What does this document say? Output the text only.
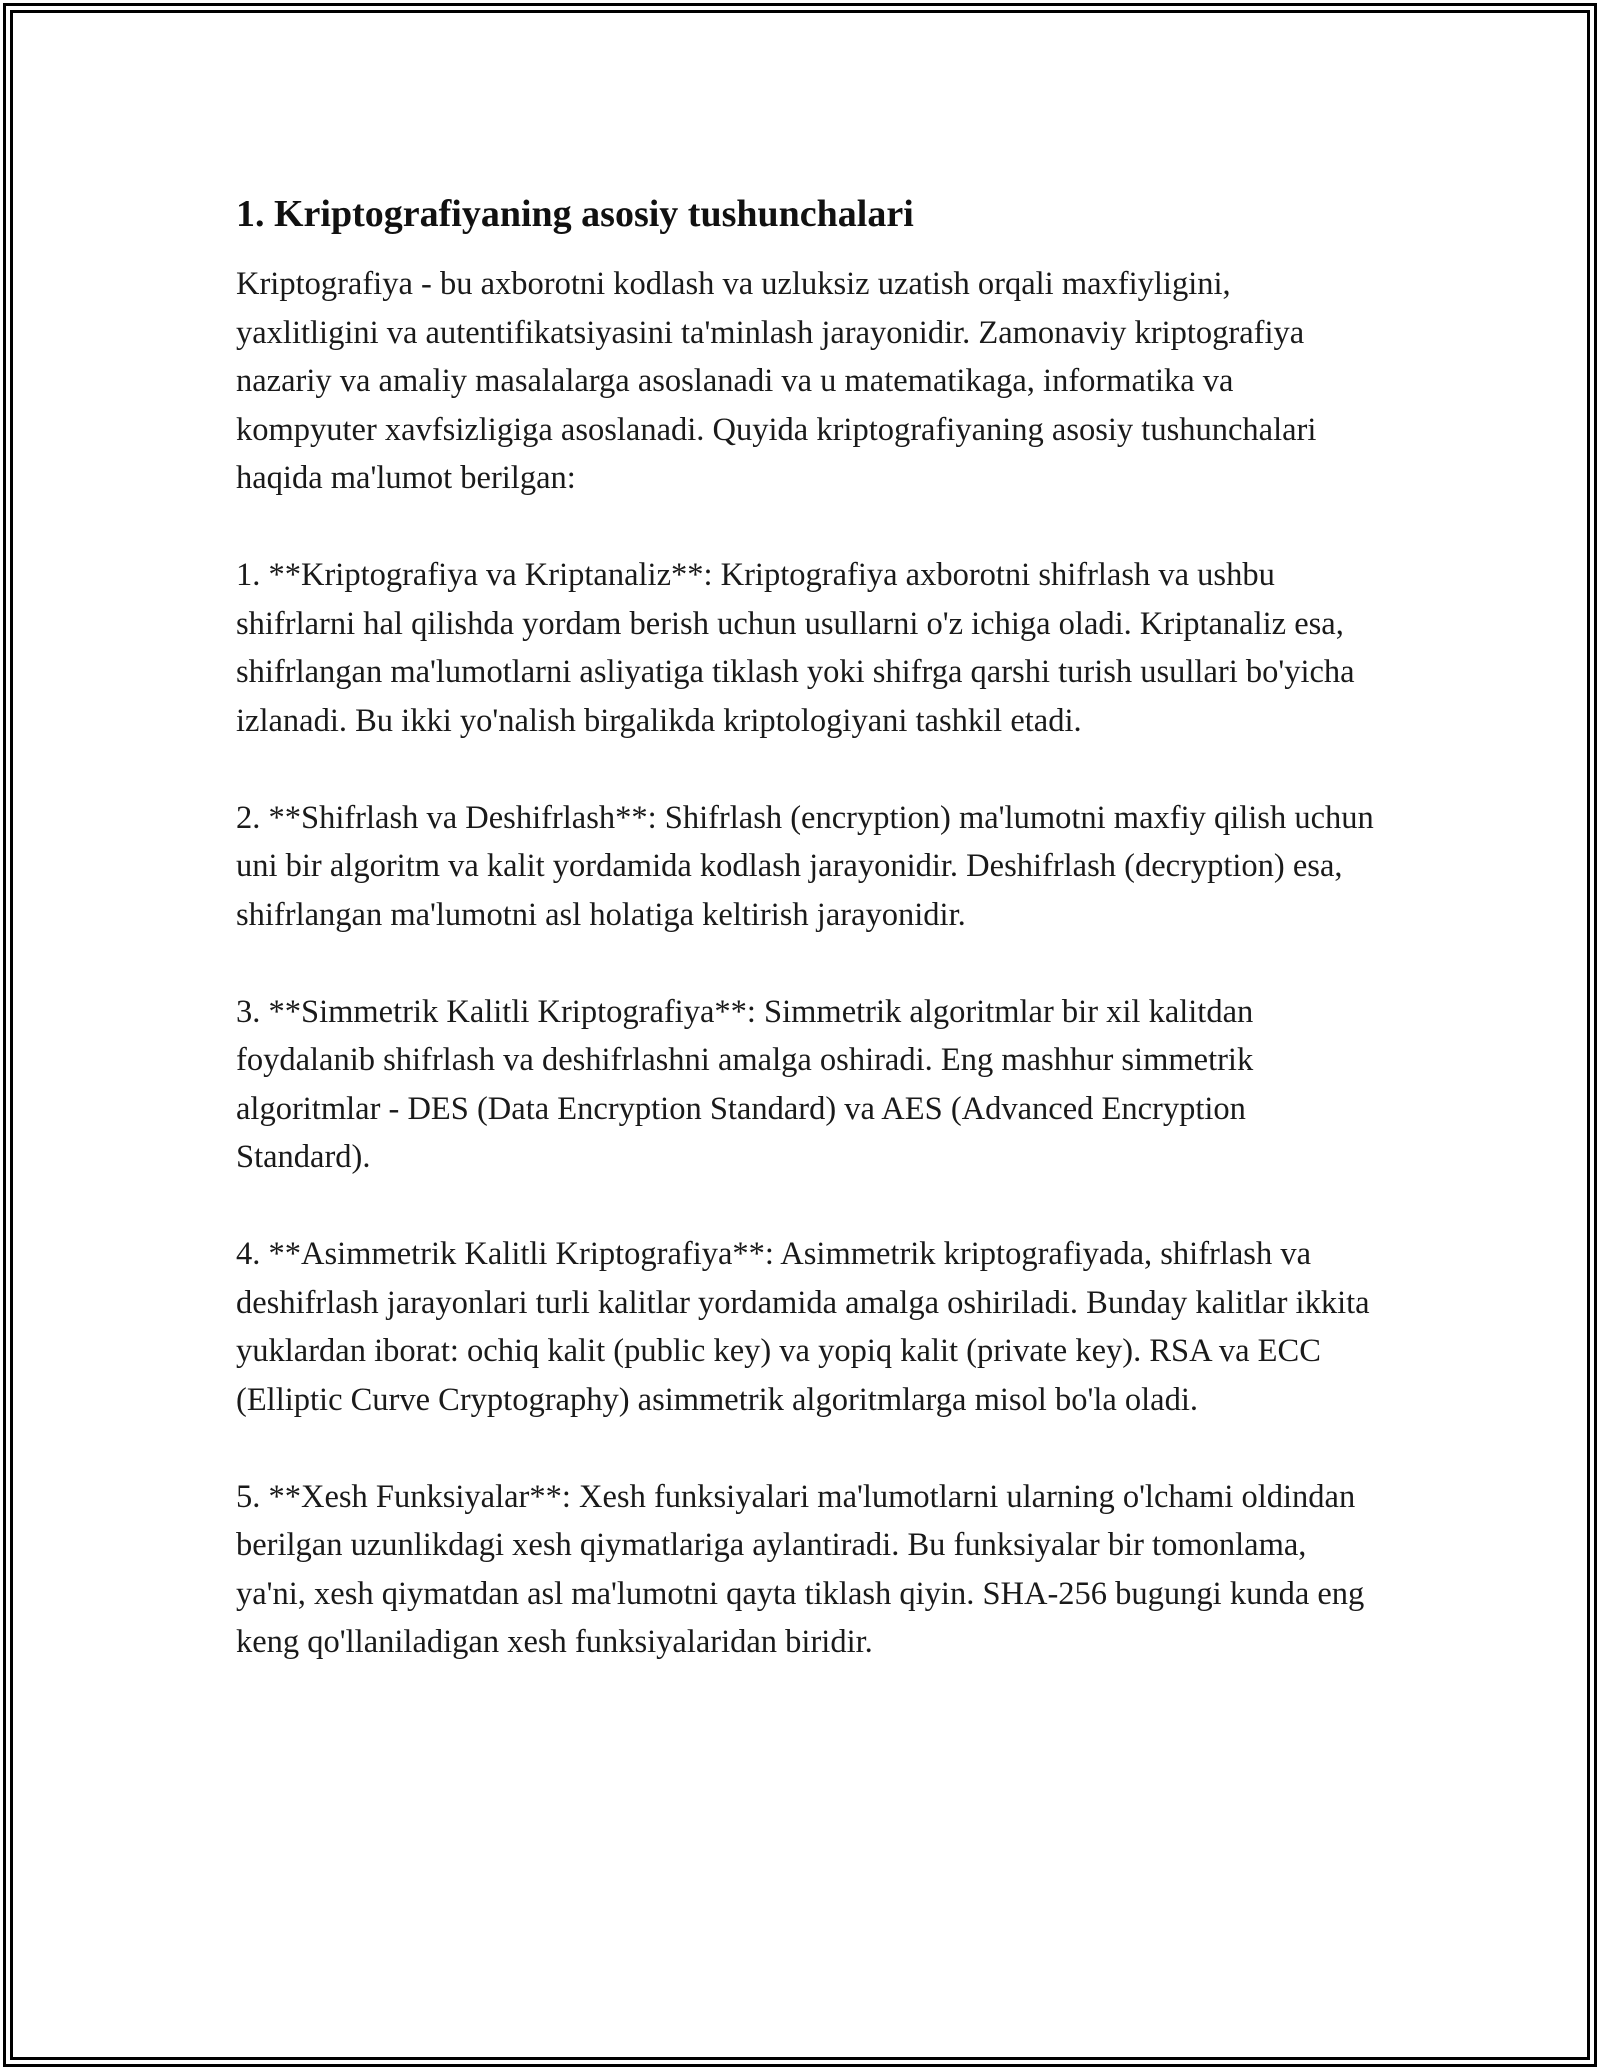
1. Kriptografiyaning asosiy tushunchalari

Kriptografiya - bu axborotni kodlash va uzluksiz uzatish orqali maxfiyligini, yaxlitligini va autentifikatsiyasini ta'minlash jarayonidir. Zamonaviy kriptografiya nazariy va amaliy masalalarga asoslanadi va u matematikaga, informatika va kompyuter xavfsizligiga asoslanadi. Quyida kriptografiyaning asosiy tushunchalari haqida ma'lumot berilgan:

1. **Kriptografiya va Kriptanaliz**: Kriptografiya axborotni shifrlash va ushbu shifrlarni hal qilishda yordam berish uchun usullarni o'z ichiga oladi. Kriptanaliz esa, shifrlangan ma'lumotlarni asliyatiga tiklash yoki shifrga qarshi turish usullari bo'yicha izlanadi. Bu ikki yo'nalish birgalikda kriptologiyani tashkil etadi.

2. **Shifrlash va Deshifrlash**: Shifrlash (encryption) ma'lumotni maxfiy qilish uchun uni bir algoritm va kalit yordamida kodlash jarayonidir. Deshifrlash (decryption) esa, shifrlangan ma'lumotni asl holatiga keltirish jarayonidir.

3. **Simmetrik Kalitli Kriptografiya**: Simmetrik algoritmlar bir xil kalitdan foydalanib shifrlash va deshifrlashni amalga oshiradi. Eng mashhur simmetrik algoritmlar - DES (Data Encryption Standard) va AES (Advanced Encryption Standard).

4. **Asimmetrik Kalitli Kriptografiya**: Asimmetrik kriptografiyada, shifrlash va deshifrlash jarayonlari turli kalitlar yordamida amalga oshiriladi. Bunday kalitlar ikkita yuklardan iborat: ochiq kalit (public key) va yopiq kalit (private key). RSA va ECC (Elliptic Curve Cryptography) asimmetrik algoritmlarga misol bo'la oladi.

5. **Xesh Funksiyalar**: Xesh funksiyalari ma'lumotlarni ularning o'lchami oldindan berilgan uzunlikdagi xesh qiymatlariga aylantiradi. Bu funksiyalar bir tomonlama, ya'ni, xesh qiymatdan asl ma'lumotni qayta tiklash qiyin. SHA-256 bugungi kunda eng keng qo'llaniladigan xesh funksiyalaridan biridir.
